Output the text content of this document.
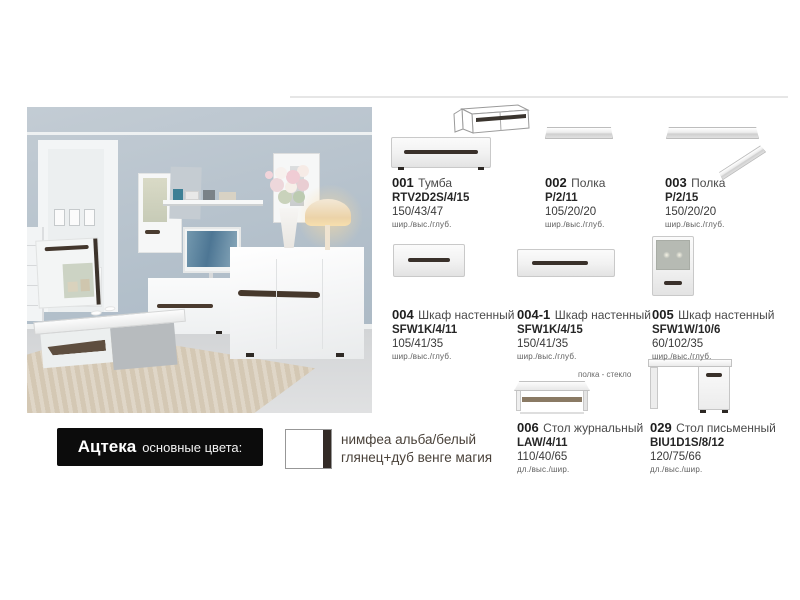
полка - стекло
001 Тумба
RTV2D2S/4/15
150/43/47
шир./выс./глуб.
002 Полка
P/2/11
105/20/20
шир./выс./глуб.
003 Полка
P/2/15
150/20/20
шир./выс./глуб.
004 Шкаф настенный
SFW1K/4/11
105/41/35
шир./выс./глуб.
004-1 Шкаф настенный
SFW1K/4/15
150/41/35
шир./выс./глуб.
005 Шкаф настенный
SFW1W/10/6
60/102/35
шир./выс./глуб.
006 Стол журнальный
LAW/4/11
110/40/65
дл./выс./шир.
029 Стол письменный
BIU1D1S/8/12
120/75/66
дл./выс./шир.
Ацтека основные цвета:	нимфеа альба/белый
глянец+дуб венге магия
